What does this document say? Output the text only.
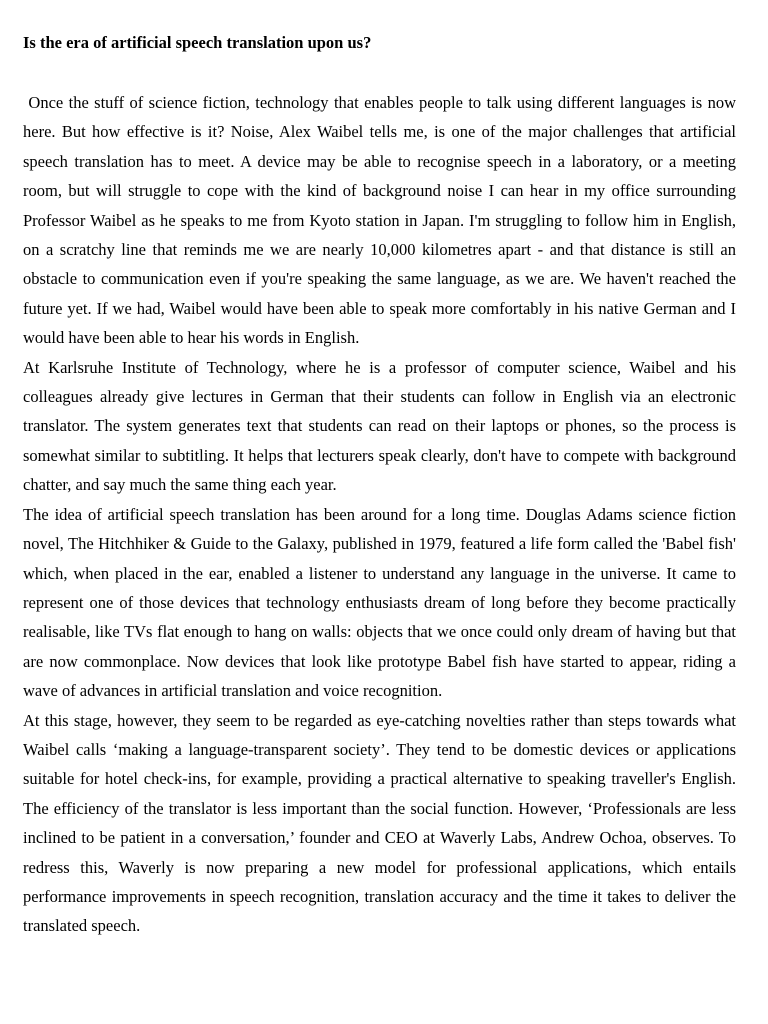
Is the era of artificial speech translation upon us?

Once the stuff of science fiction, technology that enables people to talk using different languages is now here. But how effective is it? Noise, Alex Waibel tells me, is one of the major challenges that artificial speech translation has to meet. A device may be able to recognise speech in a laboratory, or a meeting room, but will struggle to cope with the kind of background noise I can hear in my office surrounding Professor Waibel as he speaks to me from Kyoto station in Japan. I'm struggling to follow him in English, on a scratchy line that reminds me we are nearly 10,000 kilometres apart - and that distance is still an obstacle to communication even if you're speaking the same language, as we are. We haven't reached the future yet. If we had, Waibel would have been able to speak more comfortably in his native German and I would have been able to hear his words in English.

At Karlsruhe Institute of Technology, where he is a professor of computer science, Waibel and his colleagues already give lectures in German that their students can follow in English via an electronic translator. The system generates text that students can read on their laptops or phones, so the process is somewhat similar to subtitling. It helps that lecturers speak clearly, don't have to compete with background chatter, and say much the same thing each year.

The idea of artificial speech translation has been around for a long time. Douglas Adams science fiction novel, The Hitchhiker & Guide to the Galaxy, published in 1979, featured a life form called the 'Babel fish' which, when placed in the ear, enabled a listener to understand any language in the universe. It came to represent one of those devices that technology enthusiasts dream of long before they become practically realisable, like TVs flat enough to hang on walls: objects that we once could only dream of having but that are now commonplace. Now devices that look like prototype Babel fish have started to appear, riding a wave of advances in artificial translation and voice recognition.

At this stage, however, they seem to be regarded as eye-catching novelties rather than steps towards what Waibel calls ‘making a language-transparent society’. They tend to be domestic devices or applications suitable for hotel check-ins, for example, providing a practical alternative to speaking traveller's English. The efficiency of the translator is less important than the social function. However, ‘Professionals are less inclined to be patient in a conversation,’ founder and CEO at Waverly Labs, Andrew Ochoa, observes. To redress this, Waverly is now preparing a new model for professional applications, which entails performance improvements in speech recognition, translation accuracy and the time it takes to deliver the translated speech.
